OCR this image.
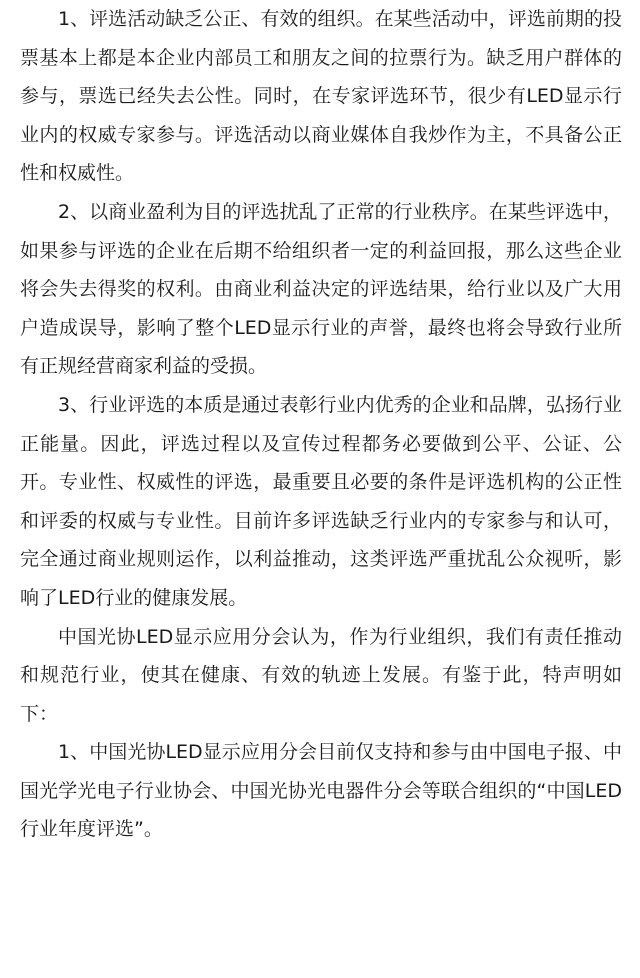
1、评选活动缺乏公正、有效的组织。在某些活动中，评选前期的投票基本上都是本企业内部员工和朋友之间的拉票行为。缺乏用户群体的参与，票选已经失去公性。同时，在专家评选环节，很少有LED显示行业内的权威专家参与。评选活动以商业媒体自我炒作为主，不具备公正性和权威性。

2、以商业盈利为目的评选扰乱了正常的行业秩序。在某些评选中，如果参与评选的企业在后期不给组织者一定的利益回报，那么这些企业将会失去得奖的权利。由商业利益决定的评选结果，给行业以及广大用户造成误导，影响了整个LED显示行业的声誉，最终也将会导致行业所有正规经营商家利益的受损。

3、行业评选的本质是通过表彰行业内优秀的企业和品牌，弘扬行业正能量。因此，评选过程以及宣传过程都务必要做到公平、公证、公开。专业性、权威性的评选，最重要且必要的条件是评选机构的公正性和评委的权威与专业性。目前许多评选缺乏行业内的专家参与和认可，完全通过商业规则运作，以利益推动，这类评选严重扰乱公众视听，影响了LED行业的健康发展。

中国光协LED显示应用分会认为，作为行业组织，我们有责任推动和规范行业，使其在健康、有效的轨迹上发展。有鉴于此，特声明如下：

1、中国光协LED显示应用分会目前仅支持和参与由中国电子报、中国光学光电子行业协会、中国光协光电器件分会等联合组织的“中国LED行业年度评选”。
